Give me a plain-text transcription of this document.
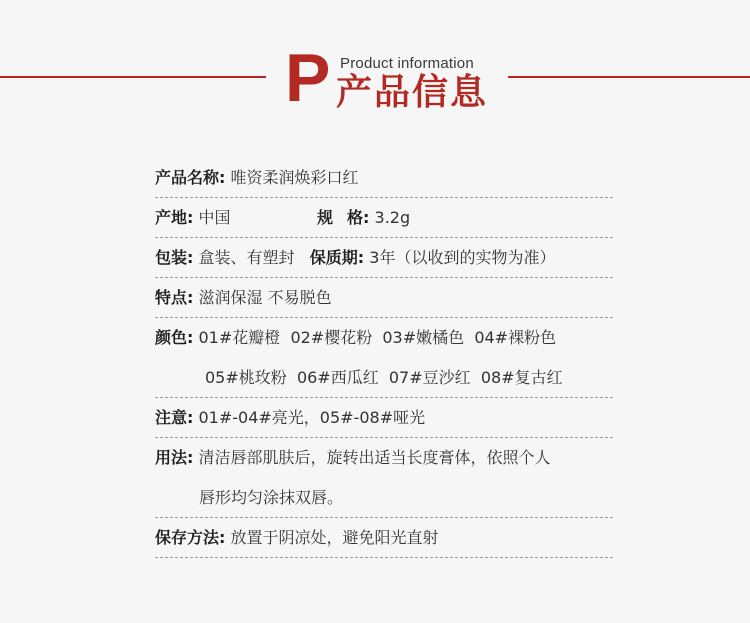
P Product information
产品信息
产品名称: 唯资柔润焕彩口红
产地: 中国	规 格: 3.2g
包装: 盒装、有塑封 保质期: 3年（以收到的实物为准）
特点: 滋润保湿 不易脱色
颜色: 01#花瓣橙  02#樱花粉  03#嫩橘色  04#裸粉色
05#桃玫粉  06#西瓜红  07#豆沙红  08#复古红
注意: 01#-04#亮光，05#-08#哑光
用法: 清洁唇部肌肤后，旋转出适当长度膏体，依照个人
唇形均匀涂抹双唇。
保存方法: 放置于阴凉处，避免阳光直射
